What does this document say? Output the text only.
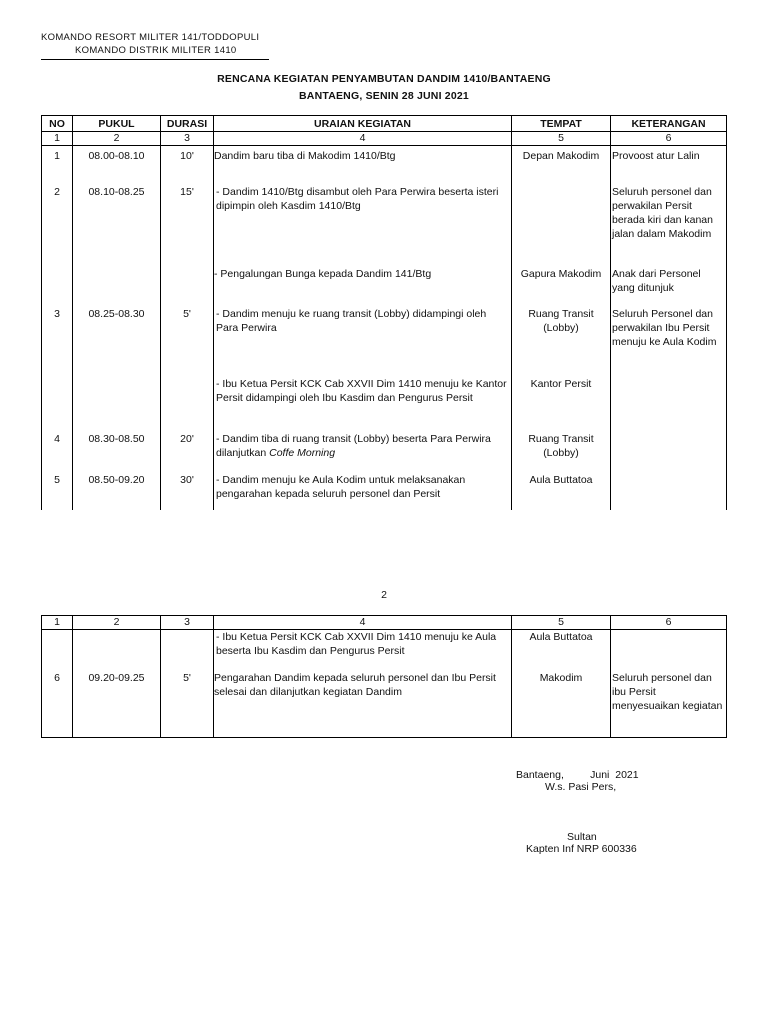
KOMANDO RESORT MILITER 141/TODDOPULI
KOMANDO DISTRIK MILITER 1410
RENCANA KEGIATAN PENYAMBUTAN DANDIM 1410/BANTAENG
BANTAENG, SENIN 28 JUNI 2021
NO	PUKUL	DURASI	URAIAN KEGIATAN	TEMPAT	KETERANGAN
1	2	3	4	5	6
1	08.00-08.10	10'	Dandim baru tiba di Makodim 1410/Btg	Depan Makodim	Provoost atur Lalin
2	08.10-08.25	15'	- Dandim 1410/Btg disambut oleh Para Perwira beserta isteri dipimpin oleh Kasdim 1410/Btg		Seluruh personel dan perwakilan Persit berada kiri dan kanan jalan dalam Makodim
			- Pengalungan Bunga kepada Dandim 141/Btg	Gapura Makodim	Anak dari Personel yang ditunjuk
3	08.25-08.30	5'	- Dandim menuju ke ruang transit (Lobby) didampingi oleh Para Perwira	Ruang Transit (Lobby)	Seluruh Personel dan perwakilan Ibu Persit menuju ke Aula Kodim
			- Ibu Ketua Persit KCK Cab XXVII Dim 1410 menuju ke Kantor Persit didampingi oleh Ibu Kasdim dan Pengurus Persit	Kantor Persit	
4	08.30-08.50	20'	- Dandim tiba di ruang transit (Lobby) beserta Para Perwira dilanjutkan Coffe Morning	Ruang Transit (Lobby)	
5	08.50-09.20	30'	- Dandim menuju ke Aula Kodim untuk melaksanakan pengarahan kepada seluruh personel dan Persit	Aula Buttatoa	
2
1	2	3	4	5	6
			- Ibu Ketua Persit KCK Cab XXVII Dim 1410 menuju ke Aula beserta Ibu Kasdim dan Pengurus Persit	Aula Buttatoa	
6	09.20-09.25	5'	Pengarahan Dandim kepada seluruh personel dan Ibu Persit selesai dan dilanjutkan kegiatan Dandim	Makodim	Seluruh personel dan ibu Persit menyesuaikan kegiatan
Bantaeng,         Juni  2021
W.s. Pasi Pers,
Sultan
Kapten Inf NRP 600336
